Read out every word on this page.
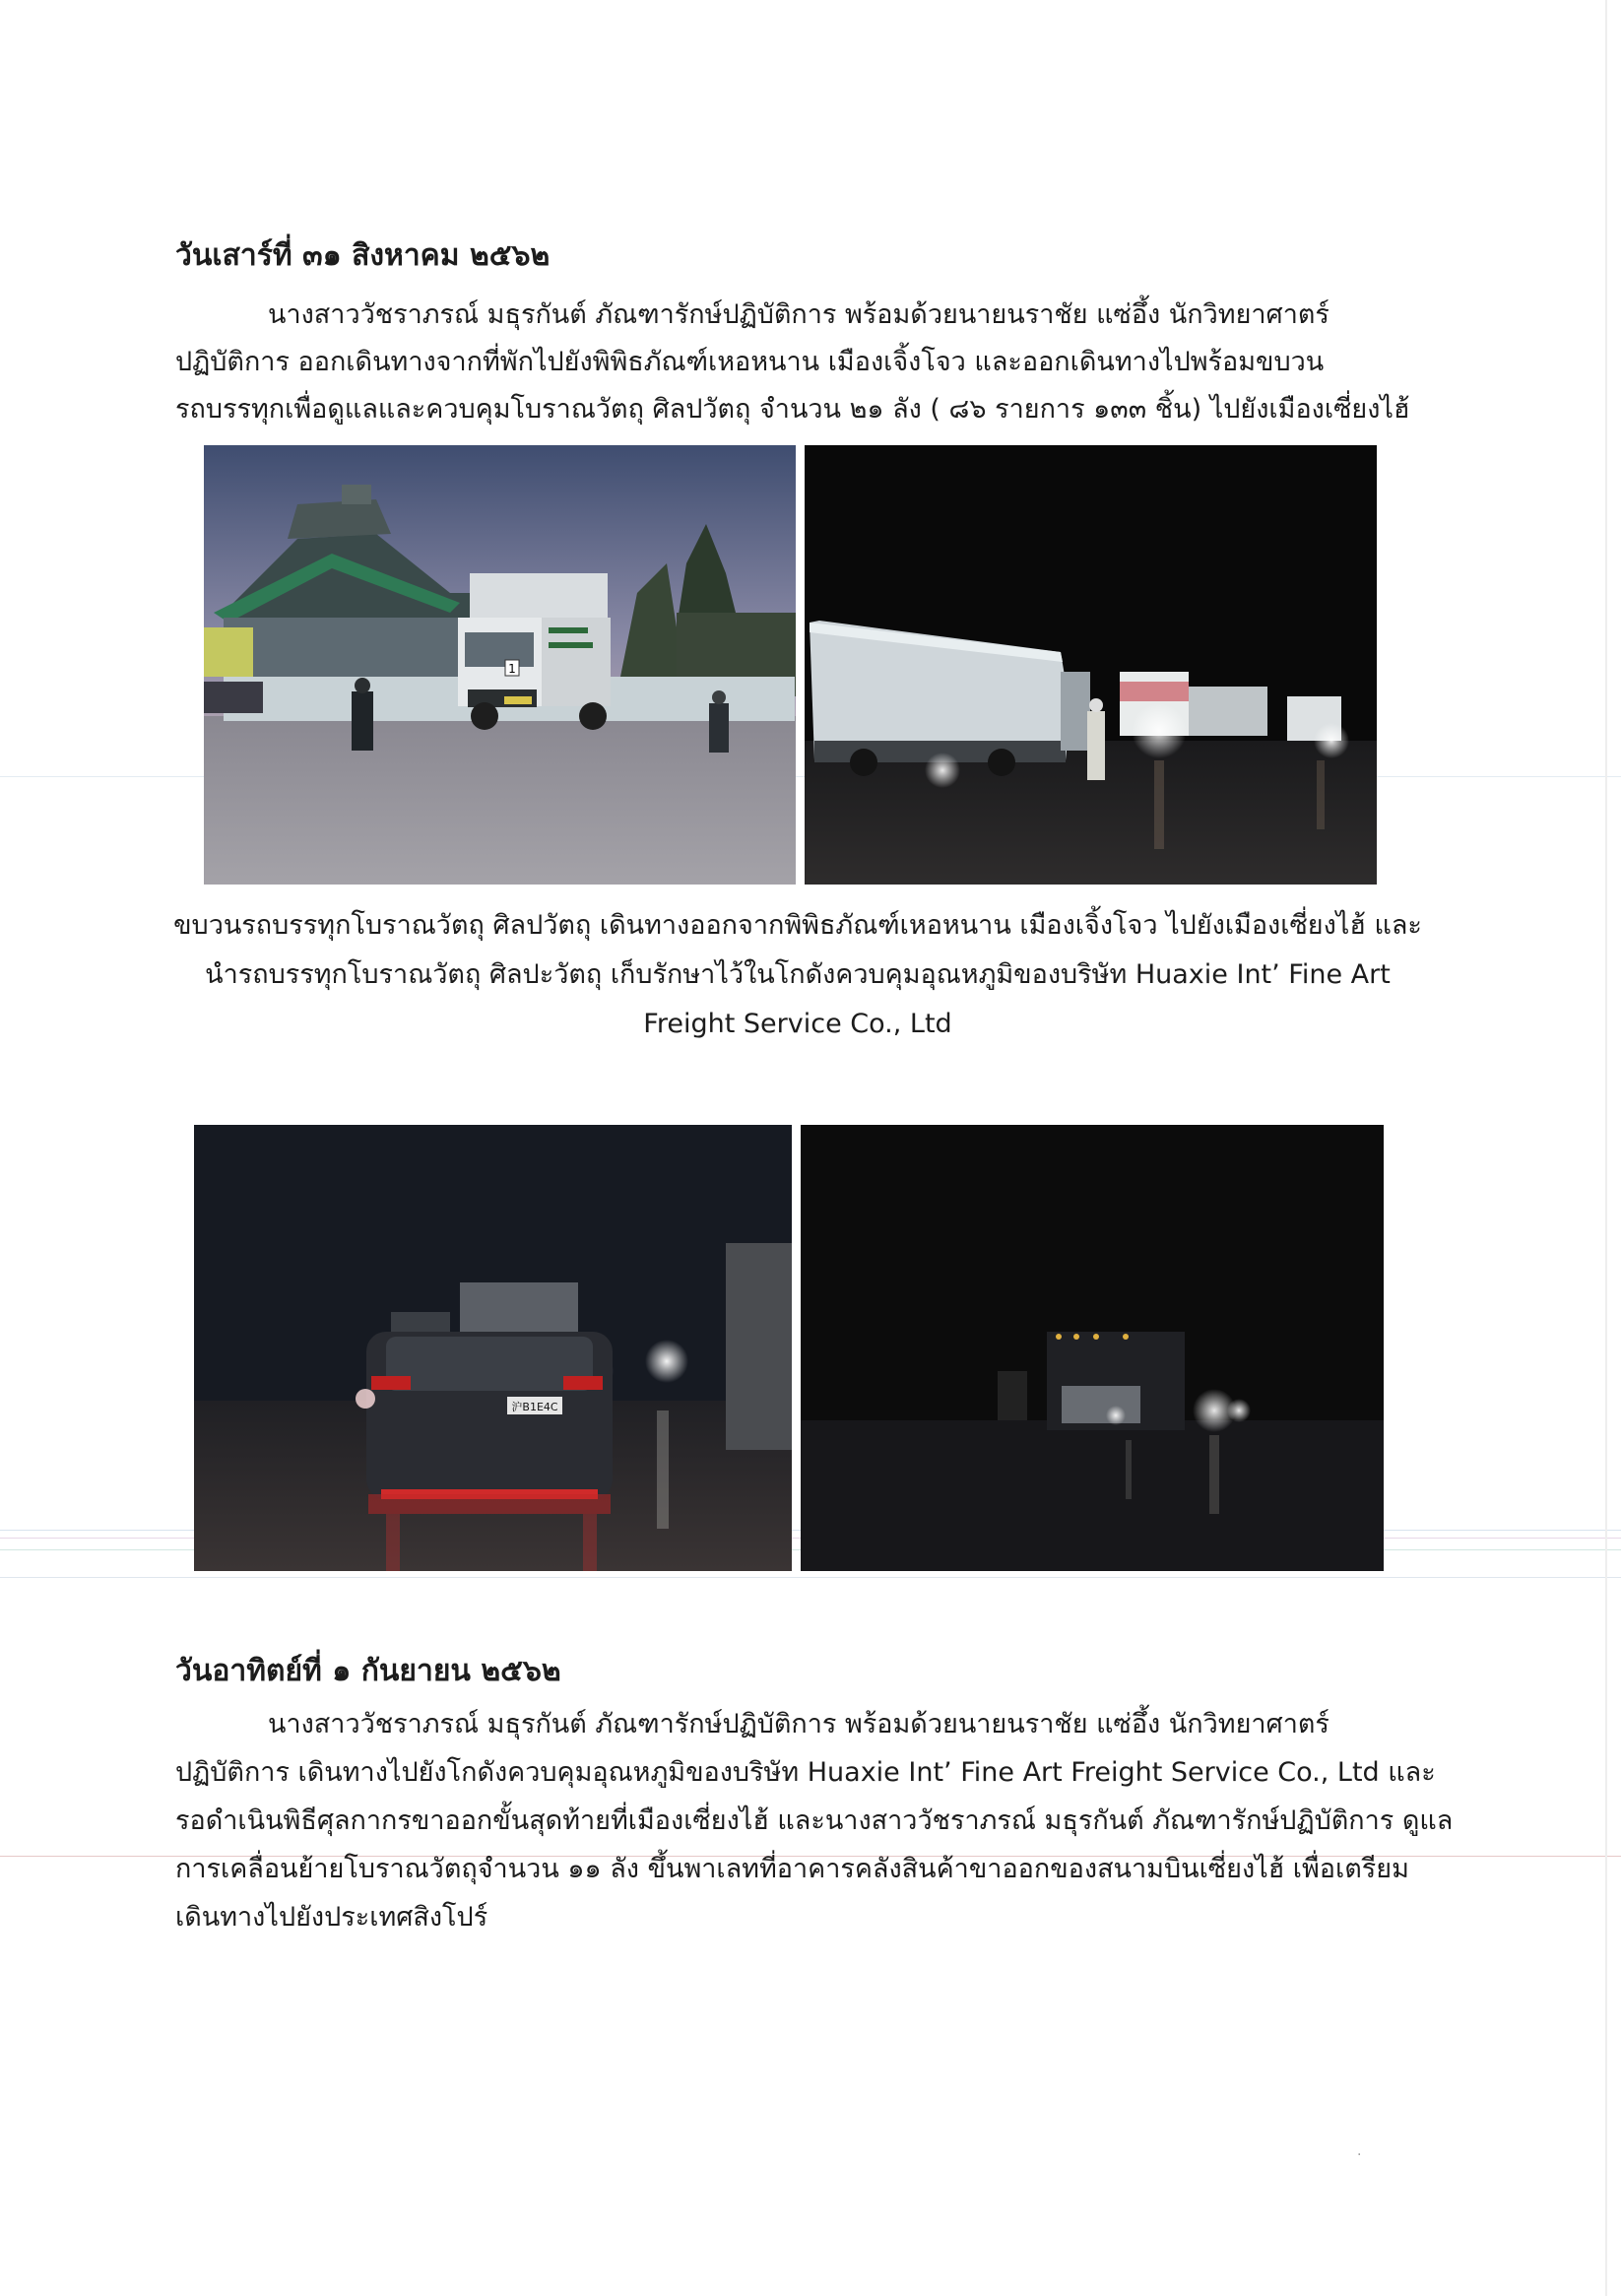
วันเสาร์ที่ ๓๑ สิงหาคม ๒๕๖๒
นางสาววัชราภรณ์ มธุรกันต์ ภัณฑารักษ์ปฏิบัติการ พร้อมด้วยนายนราชัย แซ่อึ้ง นักวิทยาศาตร์
ปฏิบัติการ ออกเดินทางจากที่พักไปยังพิพิธภัณฑ์เหอหนาน เมืองเจิ้งโจว และออกเดินทางไปพร้อมขบวน
รถบรรทุกเพื่อดูแลและควบคุมโบราณวัตถุ ศิลปวัตถุ จำนวน ๒๑ ลัง ( ๘๖ รายการ ๑๓๓ ชิ้น) ไปยังเมืองเซี่ยงไฮ้
1
ขบวนรถบรรทุกโบราณวัตถุ ศิลปวัตถุ เดินทางออกจากพิพิธภัณฑ์เหอหนาน เมืองเจิ้งโจว ไปยังเมืองเซี่ยงไฮ้ และ
นำรถบรรทุกโบราณวัตถุ ศิลปะวัตถุ เก็บรักษาไว้ในโกดังควบคุมอุณหภูมิของบริษัท Huaxie Int’ Fine Art
Freight Service Co., Ltd
沪B1E4C
วันอาทิตย์ที่ ๑ กันยายน ๒๕๖๒
นางสาววัชราภรณ์ มธุรกันต์ ภัณฑารักษ์ปฏิบัติการ พร้อมด้วยนายนราชัย แซ่อึ้ง นักวิทยาศาตร์
ปฏิบัติการ เดินทางไปยังโกดังควบคุมอุณหภูมิของบริษัท Huaxie Int’ Fine Art Freight Service Co., Ltd และ
รอดำเนินพิธีศุลกากรขาออกขั้นสุดท้ายที่เมืองเซี่ยงไฮ้ และนางสาววัชราภรณ์ มธุรกันต์ ภัณฑารักษ์ปฏิบัติการ ดูแล
การเคลื่อนย้ายโบราณวัตถุจำนวน ๑๑ ลัง ขึ้นพาเลทที่อาคารคลังสินค้าขาออกของสนามบินเซี่ยงไฮ้ เพื่อเตรียม
เดินทางไปยังประเทศสิงโปร์
·
